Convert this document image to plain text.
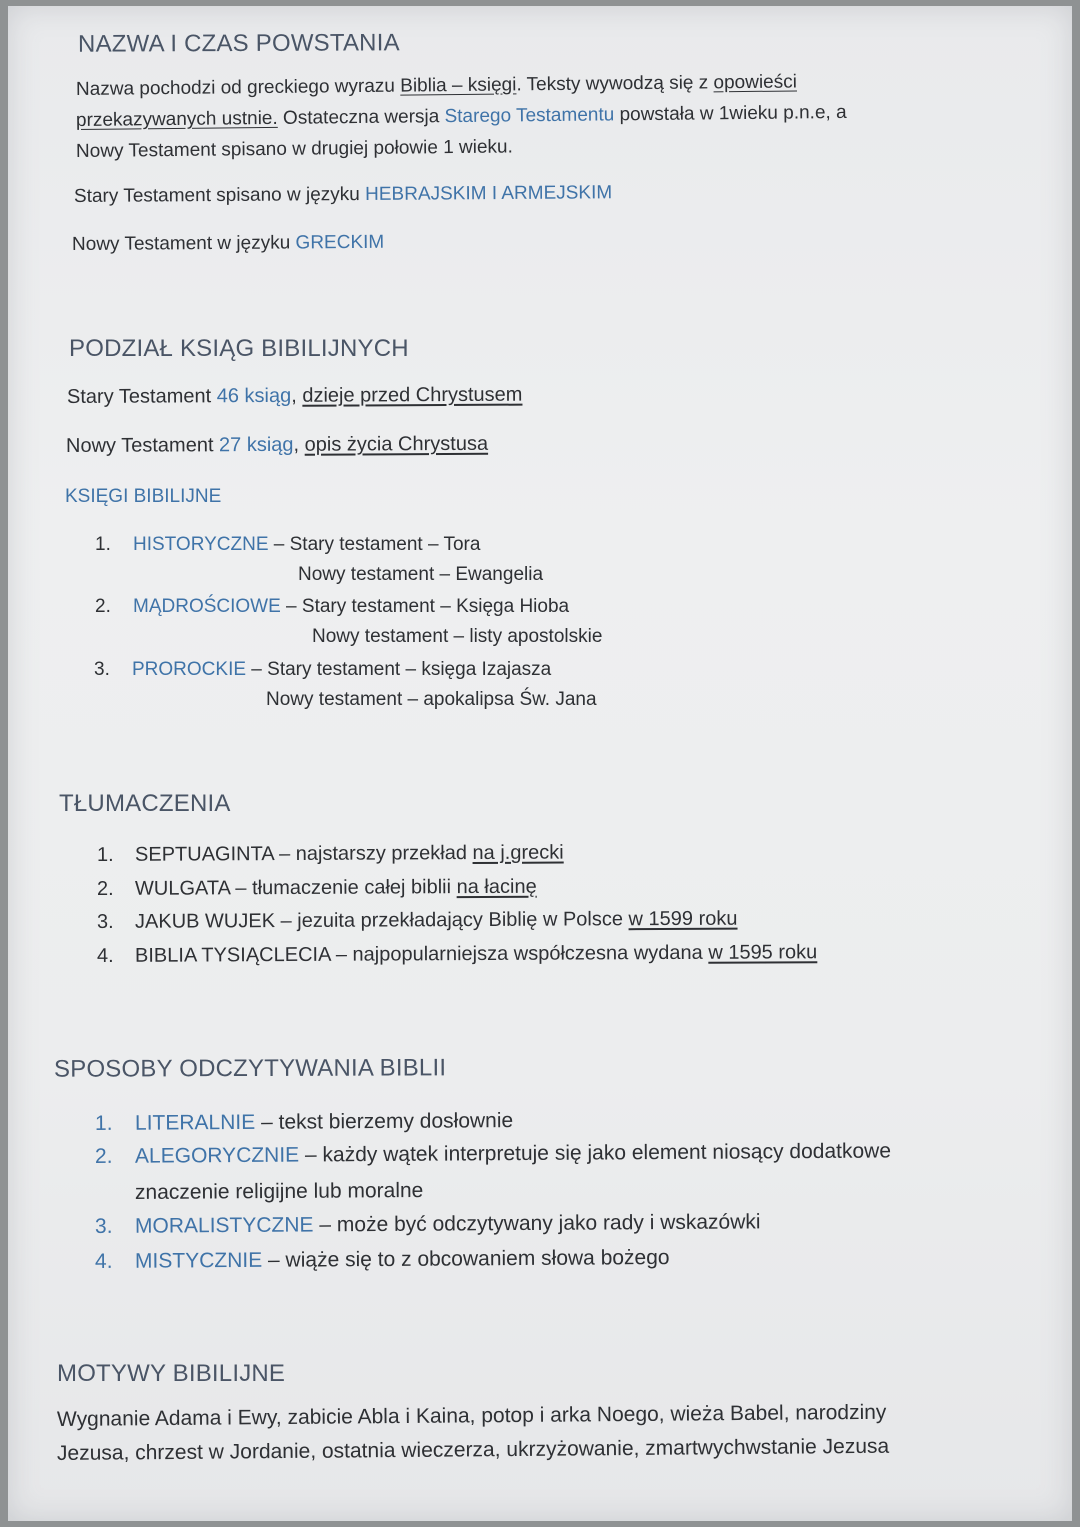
NAZWA I CZAS POWSTANIA
Nazwa pochodzi od greckiego wyrazu Biblia – księgi. Teksty wywodzą się z opowieści
przekazywanych ustnie. Ostateczna wersja Starego Testamentu powstała w 1wieku p.n.e, a
Nowy Testament spisano w drugiej połowie 1 wieku.
Stary Testament spisano w języku HEBRAJSKIM I ARMEJSKIM
Nowy Testament w języku GRECKIM
PODZIAŁ KSIĄG BIBILIJNYCH
Stary Testament 46 ksiąg, dzieje przed Chrystusem
Nowy Testament 27 ksiąg, opis życia Chrystusa
KSIĘGI BIBILIJNE
1. HISTORYCZNE – Stary testament – Tora
Nowy testament – Ewangelia
2. MĄDROŚCIOWE – Stary testament – Księga Hioba
Nowy testament – listy apostolskie
3. PROROCKIE – Stary testament – księga Izajasza
Nowy testament – apokalipsa Św. Jana
TŁUMACZENIA
1. SEPTUAGINTA – najstarszy przekład na j.grecki
2. WULGATA – tłumaczenie całej biblii na łacinę
3. JAKUB WUJEK – jezuita przekładający Biblię w Polsce w 1599 roku
4. BIBLIA TYSIĄCLECIA – najpopularniejsza współczesna wydana w 1595 roku
SPOSOBY ODCZYTYWANIA BIBLII
1. LITERALNIE – tekst bierzemy dosłownie
2. ALEGORYCZNIE – każdy wątek interpretuje się jako element niosący dodatkowe
znaczenie religijne lub moralne
3. MORALISTYCZNE – może być odczytywany jako rady i wskazówki
4. MISTYCZNIE – wiąże się to z obcowaniem słowa bożego
MOTYWY BIBILIJNE
Wygnanie Adama i Ewy, zabicie Abla i Kaina, potop i arka Noego, wieża Babel, narodziny
Jezusa, chrzest w Jordanie, ostatnia wieczerza, ukrzyżowanie, zmartwychwstanie Jezusa
